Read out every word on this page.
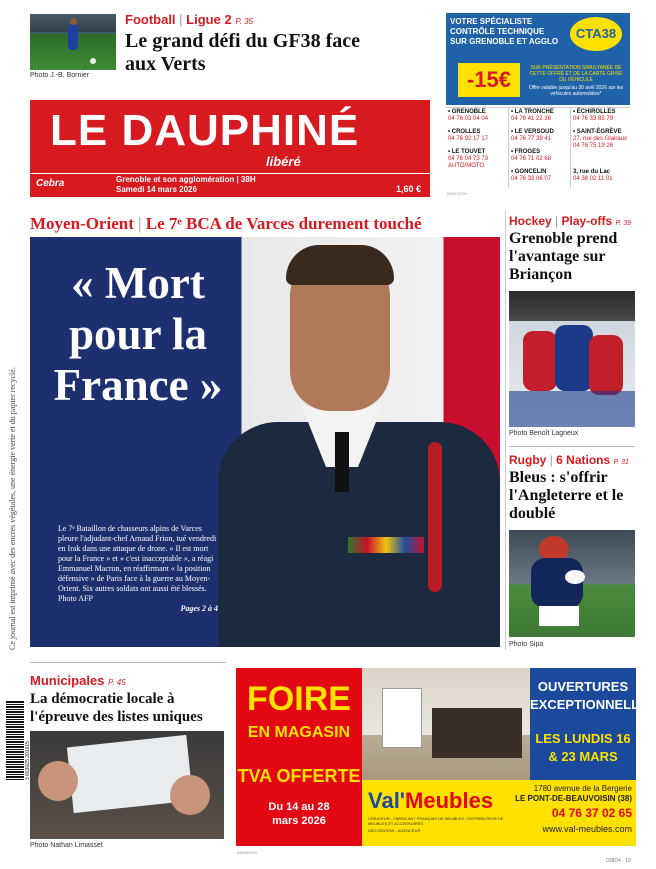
Ce journal est imprimé avec des encres végétales, une énergie verte et du papier recyclé.
Photo J.-B. Bornier
Football | Ligue 2 P. 35
Le grand défi du GF38 face aux Verts
VOTRE SPÉCIALISTE CONTRÔLE TECHNIQUE SUR GRENOBLE ET AGGLO
CTA38
-15€	SUR PRÉSENTATION SIMULTANÉE DE CETTE OFFRE ET DE LA CARTE GRISE DU VÉHICULE
Offre valable jusqu'au 30 avril 2026 sur les véhicules automobiles*
• GRENOBLE
04 76 03 04 04
• LA TRONCHE
04 76 41 22 36
• ÉCHIROLLES
04 76 33 85 79
• CROLLES
04 76 92 17 17
• LE VERSOUD
04 76 77 39 41
• SAINT-ÉGRÈVE
27, rue des Glairaux 04 76 75 19 26
• LE TOUVET
04 76 04 73 73 AUTO/MOTO
• FROGES
04 76 71 02 68
• GONCELIN
04 76 33 06 07
3, rue du Lac
04 38 02 11 01
686574000
LE DAUPHINÉ
libéré
Cebra	Grenoble et son agglomération | 38H
Samedi 14 mars 2026	1,60 €
Moyen-Orient | Le 7ᵉ BCA de Varces durement touché
« Mort pour la France »
Le 7ᵉ Bataillon de chasseurs alpins de Varces pleure l'adjudant-chef Arnaud Frion, tué vendredi en Irak dans une attaque de drone. « Il est mort pour la France » et « c'est inacceptable », a réagi Emmanuel Macron, en réaffirmant « la position défensive » de Paris face à la guerre au Moyen-Orient. Six autres soldats ont aussi été blessés. Photo AFP
Pages 2 à 4
Hockey | Play-offs P. 39
Grenoble prend l'avantage sur Briançon
Photo Benoît Lagneux
Rugby | 6 Nations P. 31
Bleus : s'offrir l'Angleterre et le doublé
Photo Sipa
Municipales P. 45
La démocratie locale à l'épreuve des listes uniques
Photo Nathan Limasset
3 663025 201615
FOIRE
EN MAGASIN
TVA OFFERTE
Du 14 au 28 mars 2026
OUVERTURES EXCEPTIONNELLES
LES LUNDIS 16 & 23 MARS
Val'Meubles
CRÉATEUR - FABRICANT FRANÇAIS DE MEUBLES / DISTRIBUTEUR DE MEUBLES ET ACCESSOIRES
DÉCORATION - AGENCEUR
1780 avenue de la Bergerie
LE PONT-DE-BEAUVOISIN (38)
04 76 37 02 65
www.val-meubles.com
686530000
038D4 · 13
